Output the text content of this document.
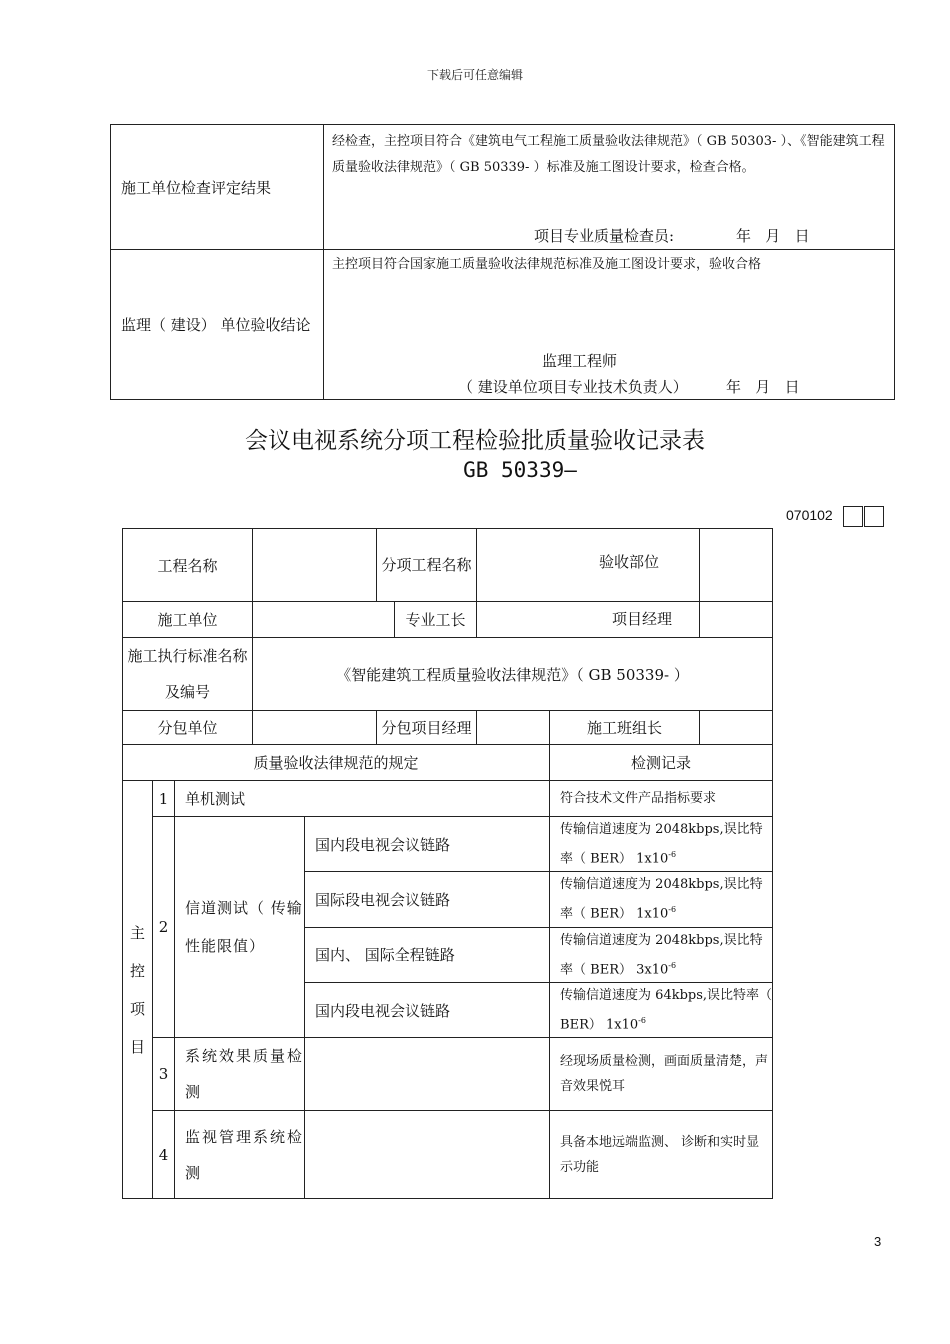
下载后可任意编辑
施工单位检查评定结果	经检查，主控项目符合《建筑电气工程施工质量验收法律规范》（ GB 50303- ）、《智能建筑工程质量验收法律规范》（ GB 50339- ）标准及施工图设计要求，检查合格。
项目专业质量检查员: 年   月   日

监理（ 建设） 单位验收结论	主控项目符合国家施工质量验收法律规范标准及施工图设计要求，验收合格
监理工程师
（ 建设单位项目专业技术负责人） 年   月   日
会议电视系统分项工程检验批质量验收记录表
GB 50339—
070102
工程名称					分项工程名称		验收部位		

施工单位						专业工长	项目经理		

施工执行标准名称及编号			《智能建筑工程质量验收法律规范》（ GB 50339- ）						
分包单位					分包项目经理			施工班组长	
质量验收法律规范的规定								检测记录	

主控项目	1	单机测试						符合技术文件产品指标要求	
	2	信道测试（ 传输性能限值）		国内段电视会议链路				传输信道速度为 2048kbps,误比特率（ BER） $1x10^{-6}$
				国际段电视会议链路				传输信道速度为 2048kbps,误比特率（ BER） $1x10^{-6}$
				国内、 国际全程链路				传输信道速度为 2048kbps,误比特率（ BER） $3x10^{-6}$
				国内段电视会议链路				传输信道速度为 64kbps,误比特率（ BER） $1x10^{-6}$
	3	系统效果质量检测						经现场质量检测，画面质量清楚，声音效果悦耳	
	4	监视管理系统检测						具备本地远端监测、 诊断和实时显示功能	
3
